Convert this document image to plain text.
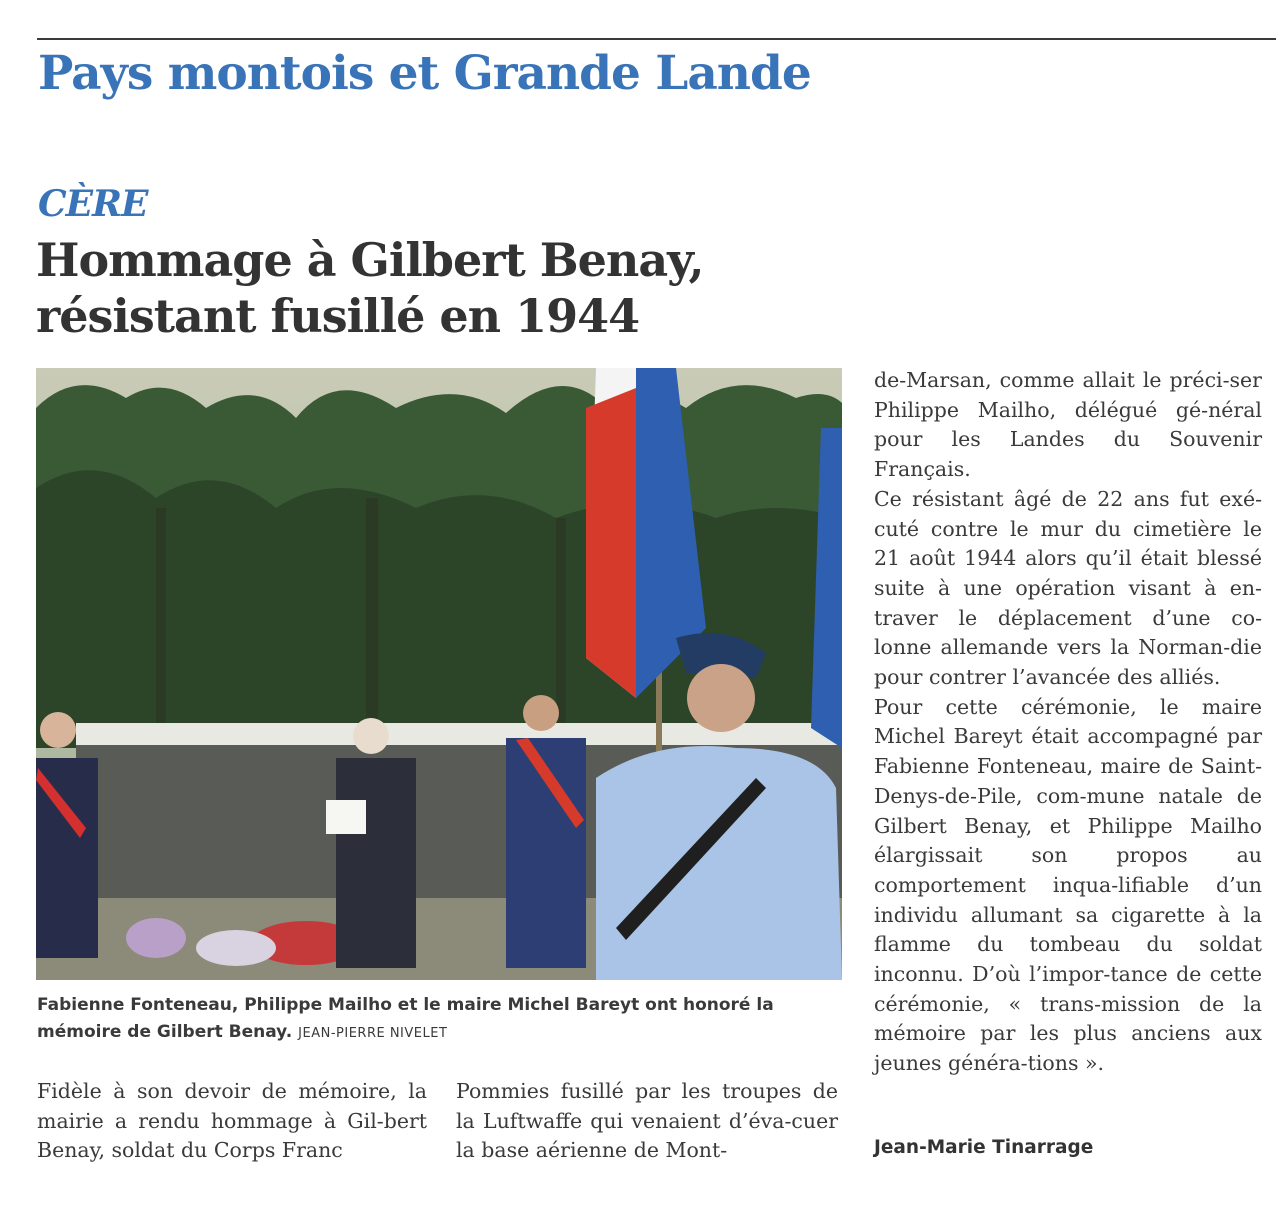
Pays montois et Grande Lande
CÈRE
Hommage à Gilbert Benay,
résistant fusillé en 1944

Fabienne Fonteneau, Philippe Mailho et le maire Michel Bareyt ont honoré la mémoire de Gilbert Benay. JEAN-PIERRE NIVELET

Fidèle à son devoir de mémoire, la mairie a rendu hommage à Gil-bert Benay, soldat du Corps Franc

Pommies fusillé par les troupes de la Luftwaffe qui venaient d’éva-cuer la base aérienne de Mont-

de-Marsan, comme allait le préci-ser Philippe Mailho, délégué gé-néral pour les Landes du Souvenir Français.

Ce résistant âgé de 22 ans fut exé-cuté contre le mur du cimetière le 21 août 1944 alors qu’il était blessé suite à une opération visant à en-traver le déplacement d’une co-lonne allemande vers la Norman-die pour contrer l’avancée des alliés.

Pour cette cérémonie, le maire Michel Bareyt était accompagné par Fabienne Fonteneau, maire de Saint-Denys-de-Pile, com-mune natale de Gilbert Benay, et Philippe Mailho élargissait son propos au comportement inqua-lifiable d’un individu allumant sa cigarette à la flamme du tombeau du soldat inconnu. D’où l’impor-tance de cette cérémonie, « trans-mission de la mémoire par les plus anciens aux jeunes généra-tions ».

Jean-Marie Tinarrage
